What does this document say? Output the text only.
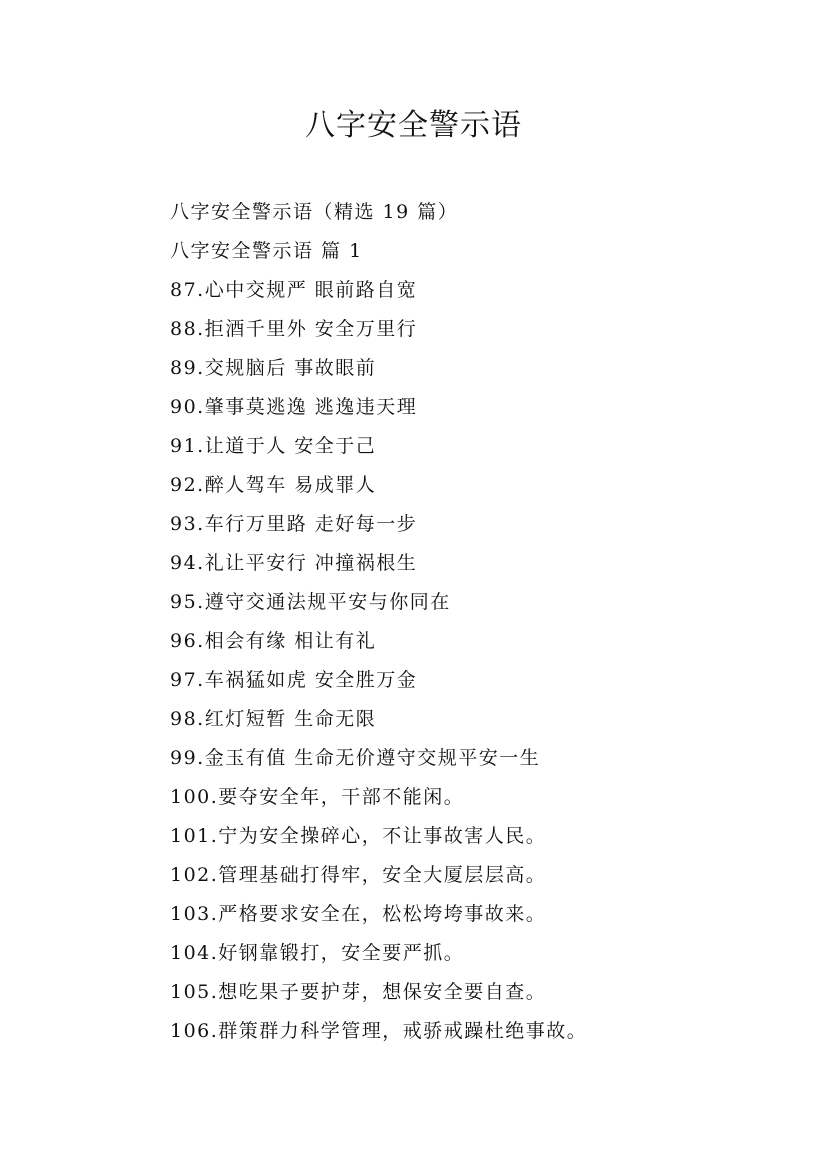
八字安全警示语
八字安全警示语（精选 19 篇）
八字安全警示语 篇 1
87.心中交规严 眼前路自宽
88.拒酒千里外 安全万里行
89.交规脑后 事故眼前
90.肇事莫逃逸 逃逸违天理
91.让道于人 安全于己
92.醉人驾车 易成罪人
93.车行万里路 走好每一步
94.礼让平安行 冲撞祸根生
95.遵守交通法规平安与你同在
96.相会有缘 相让有礼
97.车祸猛如虎 安全胜万金
98.红灯短暂 生命无限
99.金玉有值 生命无价遵守交规平安一生
100.要夺安全年，干部不能闲。
101.宁为安全操碎心，不让事故害人民。
102.管理基础打得牢，安全大厦层层高。
103.严格要求安全在，松松垮垮事故来。
104.好钢靠锻打，安全要严抓。
105.想吃果子要护芽，想保安全要自查。
106.群策群力科学管理，戒骄戒躁杜绝事故。
